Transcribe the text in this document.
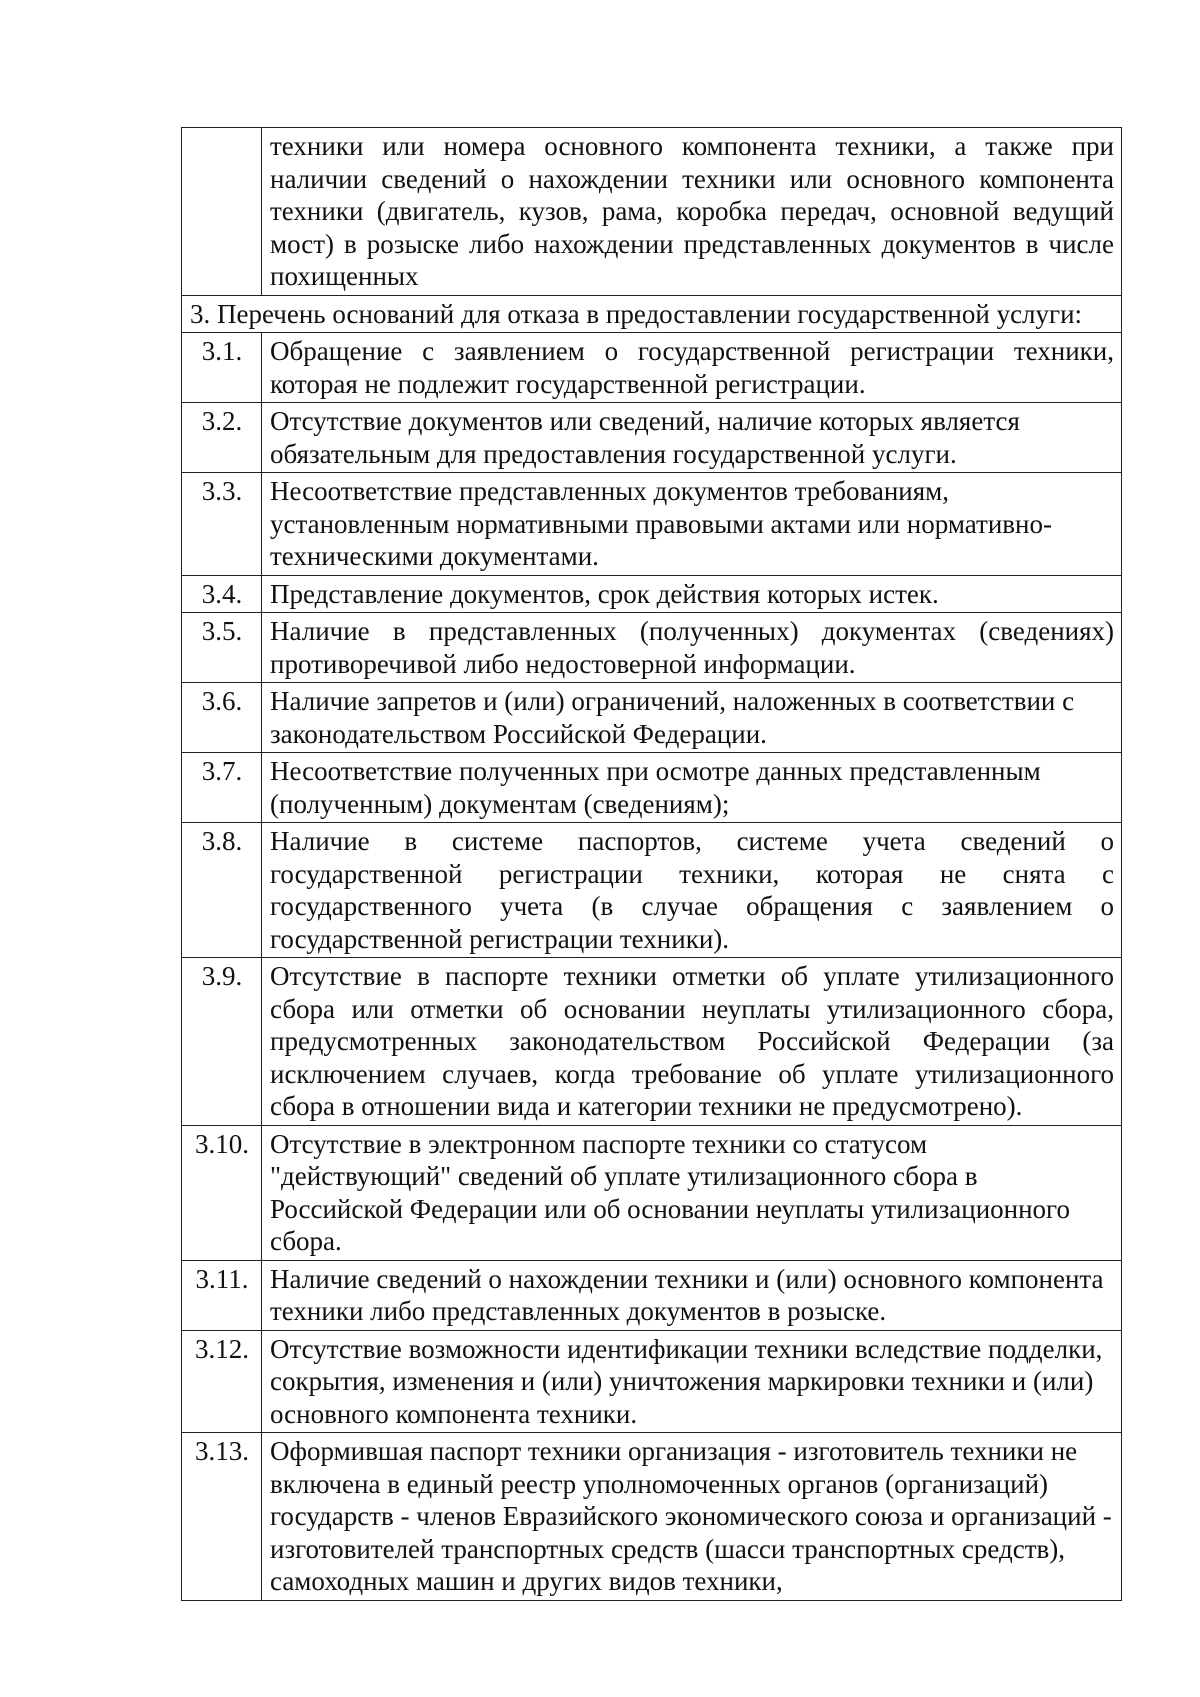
	техники или номера основного компонента техники, а также при наличии сведений о нахождении техники или основного компонента техники (двигатель, кузов, рама, коробка передач, основной ведущий мост) в розыске либо нахождении представленных документов в числе похищенных
3. Перечень оснований для отказа в предоставлении государственной услуги:	
3.1.	Обращение с заявлением о государственной регистрации техники, которая не подлежит государственной регистрации.
3.2.	Отсутствие документов или сведений, наличие которых является обязательным для предоставления государственной услуги.
3.3.	Несоответствие представленных документов требованиям, установленным нормативными правовыми актами или нормативно-техническими документами.
3.4.	Представление документов, срок действия которых истек.
3.5.	Наличие в представленных (полученных) документах (сведениях) противоречивой либо недостоверной информации.
3.6.	Наличие запретов и (или) ограничений, наложенных в соответствии с законодательством Российской Федерации.
3.7.	Несоответствие полученных при осмотре данных представленным (полученным) документам (сведениям);
3.8.	Наличие в системе паспортов, системе учета сведений о государственной регистрации техники, которая не снята с государственного учета (в случае обращения с заявлением о государственной регистрации техники).
3.9.	Отсутствие в паспорте техники отметки об уплате утилизационного сбора или отметки об основании неуплаты утилизационного сбора, предусмотренных законодательством Российской Федерации (за исключением случаев, когда требование об уплате утилизационного сбора в отношении вида и категории техники не предусмотрено).
3.10.	Отсутствие в электронном паспорте техники со статусом "действующий" сведений об уплате утилизационного сбора в Российской Федерации или об основании неуплаты утилизационного сбора.
3.11.	Наличие сведений о нахождении техники и (или) основного компонента техники либо представленных документов в розыске.
3.12.	Отсутствие возможности идентификации техники вследствие подделки, сокрытия, изменения и (или) уничтожения маркировки техники и (или) основного компонента техники.
3.13.	Оформившая паспорт техники организация - изготовитель техники не включена в единый реестр уполномоченных органов (организаций) государств - членов Евразийского экономического союза и организаций - изготовителей транспортных средств (шасси транспортных средств), самоходных машин и других видов техники,
